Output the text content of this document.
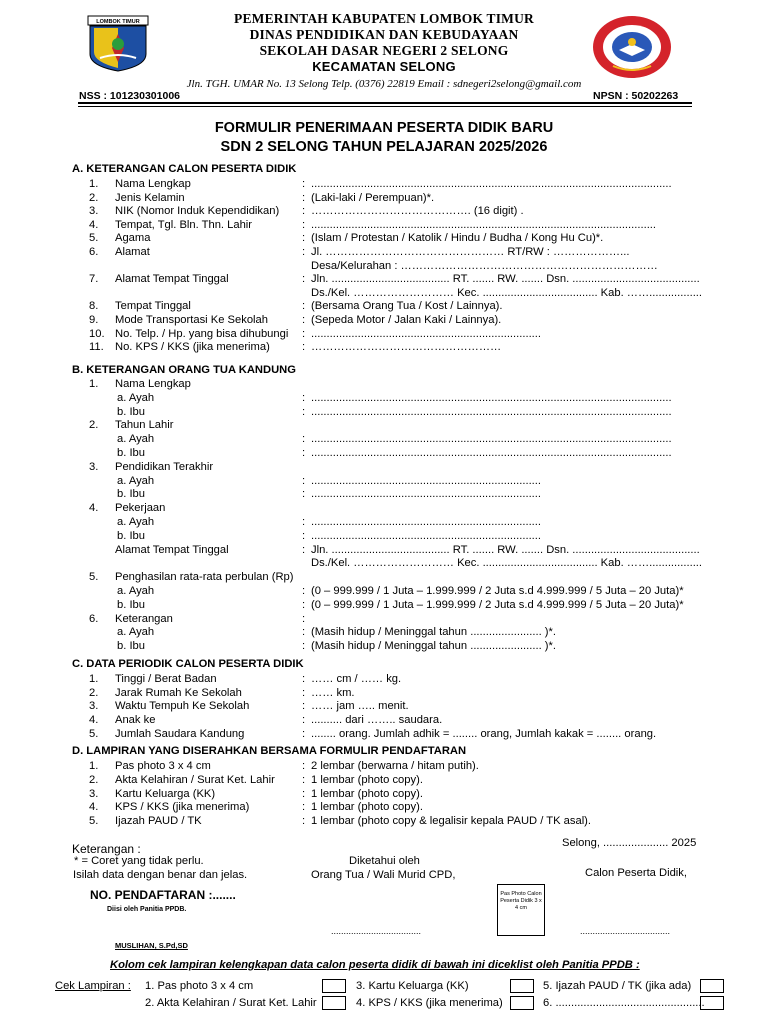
LOMBOK TIMUR	PEMERINTAH KABUPATEN LOMBOK TIMUR
DINAS PENDIDIKAN DAN KEBUDAYAAN
SEKOLAH DASAR NEGERI 2 SELONG
KECAMATAN SELONG
Jln. TGH. UMAR No. 13 Selong Telp. (0376) 22819 Email : sdnegeri2selong@gmail.com
NSS : 101230301006	NPSN : 50202263
FORMULIR PENERIMAAN PESERTA DIDIK BARU
SDN 2 SELONG TAHUN PELAJARAN 2025/2026
A. KETERANGAN CALON PESERTA DIDIK
1. Nama Lengkap	: ....................................................................................................................
2. Jenis Kelamin	: (Laki-laki / Perempuan)*.
3. NIK (Nomor Induk Kependidikan) : ……………………………………. (16 digit) .
4. Tempat, Tgl. Bln. Thn. Lahir	: ...............................................................................................................
5. Agama	: (Islam / Protestan / Katolik / Hindu / Budha / Kong Hu Cu)*.
6. Alamat	: Jl. ………………………………………… RT/RW : ………………...
Desa/Kelurahan : ……………………………………………………………
7. Alamat Tempat Tinggal	: Jln. ...................................... RT. ....... RW. ....... Dsn. .........................................
Ds./Kel. ……………………… Kec. ..................................... Kab. …….................
8. Tempat Tinggal	: (Bersama Orang Tua / Kost / Lainnya).
9. Mode Transportasi Ke Sekolah	: (Sepeda Motor / Jalan Kaki / Lainnya).
10. No. Telp. / Hp. yang bisa dihubungi : ..........................................................................
11. No. KPS / KKS (jika menerima)	: ……………………………………………
B. KETERANGAN ORANG TUA KANDUNG
1. Nama Lengkap
a. Ayah	: ....................................................................................................................
b. Ibu	: ....................................................................................................................
2. Tahun Lahir
a. Ayah	: ....................................................................................................................
b. Ibu	: ....................................................................................................................
3. Pendidikan Terakhir
a. Ayah	: ..........................................................................
b. Ibu	: ..........................................................................
4. Pekerjaan
a. Ayah	: ..........................................................................
b. Ibu	: ..........................................................................
Alamat Tempat Tinggal	: Jln. ...................................... RT. ....... RW. ....... Dsn. .........................................
Ds./Kel. ……………………… Kec. ..................................... Kab. …….................
5. Penghasilan rata-rata perbulan (Rp)
a. Ayah	: (0 – 999.999 / 1 Juta – 1.999.999 / 2 Juta s.d 4.999.999 / 5 Juta – 20 Juta)*
b. Ibu	: (0 – 999.999 / 1 Juta – 1.999.999 / 2 Juta s.d 4.999.999 / 5 Juta – 20 Juta)*
6. Keterangan	:
a. Ayah	: (Masih hidup / Meninggal tahun ....................... )*.
b. Ibu	: (Masih hidup / Meninggal tahun ....................... )*.
C. DATA PERIODIK CALON PESERTA DIDIK
1. Tinggi / Berat Badan	: …… cm / …… kg.
2. Jarak Rumah Ke Sekolah	: …… km.
3. Waktu Tempuh Ke Sekolah	: …… jam ….. menit.
4. Anak ke	: .......... dari …….. saudara.
5. Jumlah Saudara Kandung	: ........ orang. Jumlah adhik = ........ orang, Jumlah kakak = ........ orang.
D. LAMPIRAN YANG DISERAHKAN BERSAMA FORMULIR PENDAFTARAN
1. Pas photo 3 x 4 cm	: 2 lembar (berwarna / hitam putih).
2. Akta Kelahiran / Surat Ket. Lahir : 1 lembar (photo copy).
3. Kartu Keluarga (KK)	: 1 lembar (photo copy).
4. KPS / KKS (jika menerima)	: 1 lembar (photo copy).
5. Ijazah PAUD / TK	: 1 lembar (photo copy & legalisir kepala PAUD / TK asal).
Keterangan :	Selong, ..................... 2025
* = Coret yang tidak perlu.	Diketahui oleh
Isilah data dengan benar dan jelas.	Orang Tua / Wali Murid CPD,	Calon Peserta Didik,
NO. PENDAFTARAN :.......
Diisi oleh Panitia PPDB.
Pas Photo Calon Peserta Didik 3 x 4 cm
....................................	....................................
MUSLIHAN, S.Pd,SD
Kolom cek lampiran kelengkapan data calon peserta didik di bawah ini diceklist oleh Panitia PPDB :
Cek Lampiran : 1. Pas photo 3 x 4 cm	3. Kartu Keluarga (KK)	5. Ijazah PAUD / TK (jika ada)
2. Akta Kelahiran / Surat Ket. Lahir	4. KPS / KKS (jika menerima)	6. ................................................
